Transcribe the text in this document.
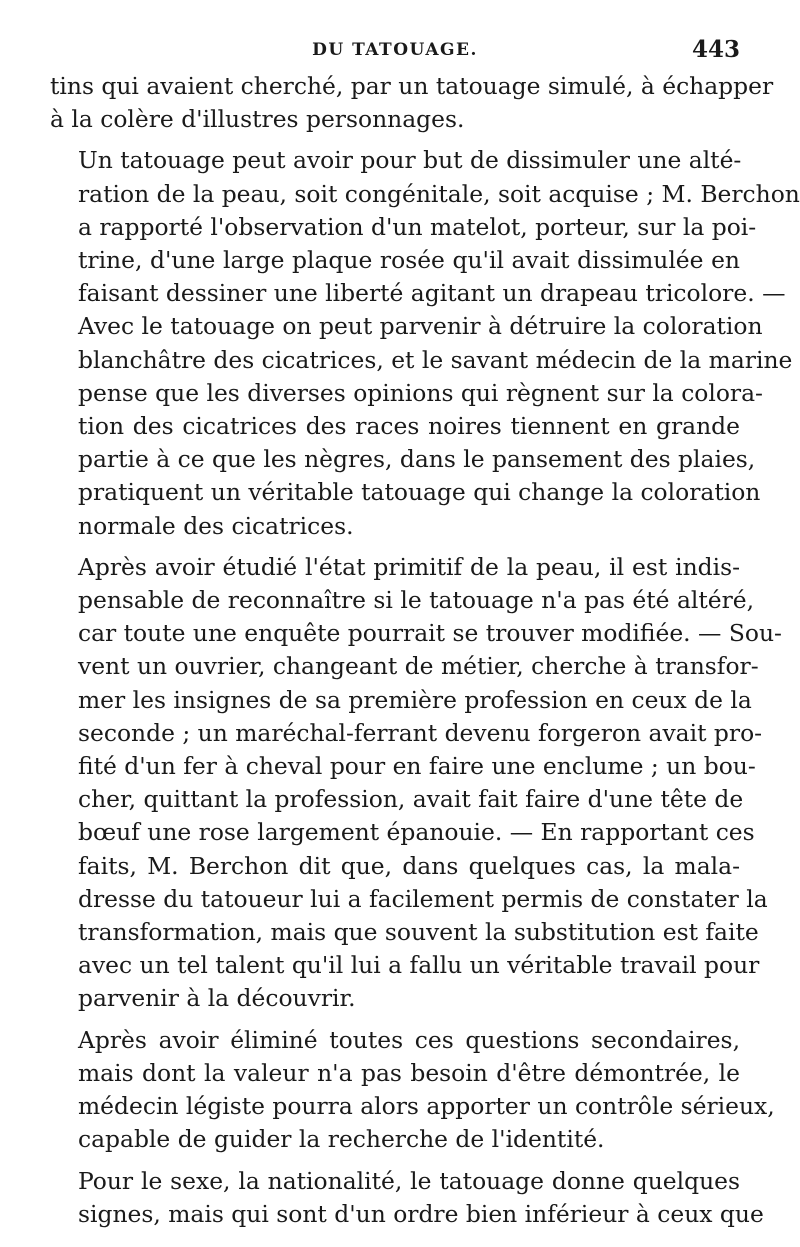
DU TATOUAGE.	443
tins qui avaient cherché, par un tatouage simulé, à échapper
à la colère d'illustres personnages.
Un tatouage peut avoir pour but de dissimuler une alté-
ration de la peau, soit congénitale, soit acquise ; M. Berchon
a rapporté l'observation d'un matelot, porteur, sur la poi-
trine, d'une large plaque rosée qu'il avait dissimulée en
faisant dessiner une liberté agitant un drapeau tricolore. —
Avec le tatouage on peut parvenir à détruire la coloration
blanchâtre des cicatrices, et le savant médecin de la marine
pense que les diverses opinions qui règnent sur la colora-
tion des cicatrices des races noires tiennent en grande
partie à ce que les nègres, dans le pansement des plaies,
pratiquent un véritable tatouage qui change la coloration
normale des cicatrices.
Après avoir étudié l'état primitif de la peau, il est indis-
pensable de reconnaître si le tatouage n'a pas été altéré,
car toute une enquête pourrait se trouver modifiée. — Sou-
vent un ouvrier, changeant de métier, cherche à transfor-
mer les insignes de sa première profession en ceux de la
seconde ; un maréchal-ferrant devenu forgeron avait pro-
fité d'un fer à cheval pour en faire une enclume ; un bou-
cher, quittant la profession, avait fait faire d'une tête de
bœuf une rose largement épanouie. — En rapportant ces
faits, M. Berchon dit que, dans quelques cas, la mala-
dresse du tatoueur lui a facilement permis de constater la
transformation, mais que souvent la substitution est faite
avec un tel talent qu'il lui a fallu un véritable travail pour
parvenir à la découvrir.
Après avoir éliminé toutes ces questions secondaires,
mais dont la valeur n'a pas besoin d'être démontrée, le
médecin légiste pourra alors apporter un contrôle sérieux,
capable de guider la recherche de l'identité.
Pour le sexe, la nationalité, le tatouage donne quelques
signes, mais qui sont d'un ordre bien inférieur à ceux que
